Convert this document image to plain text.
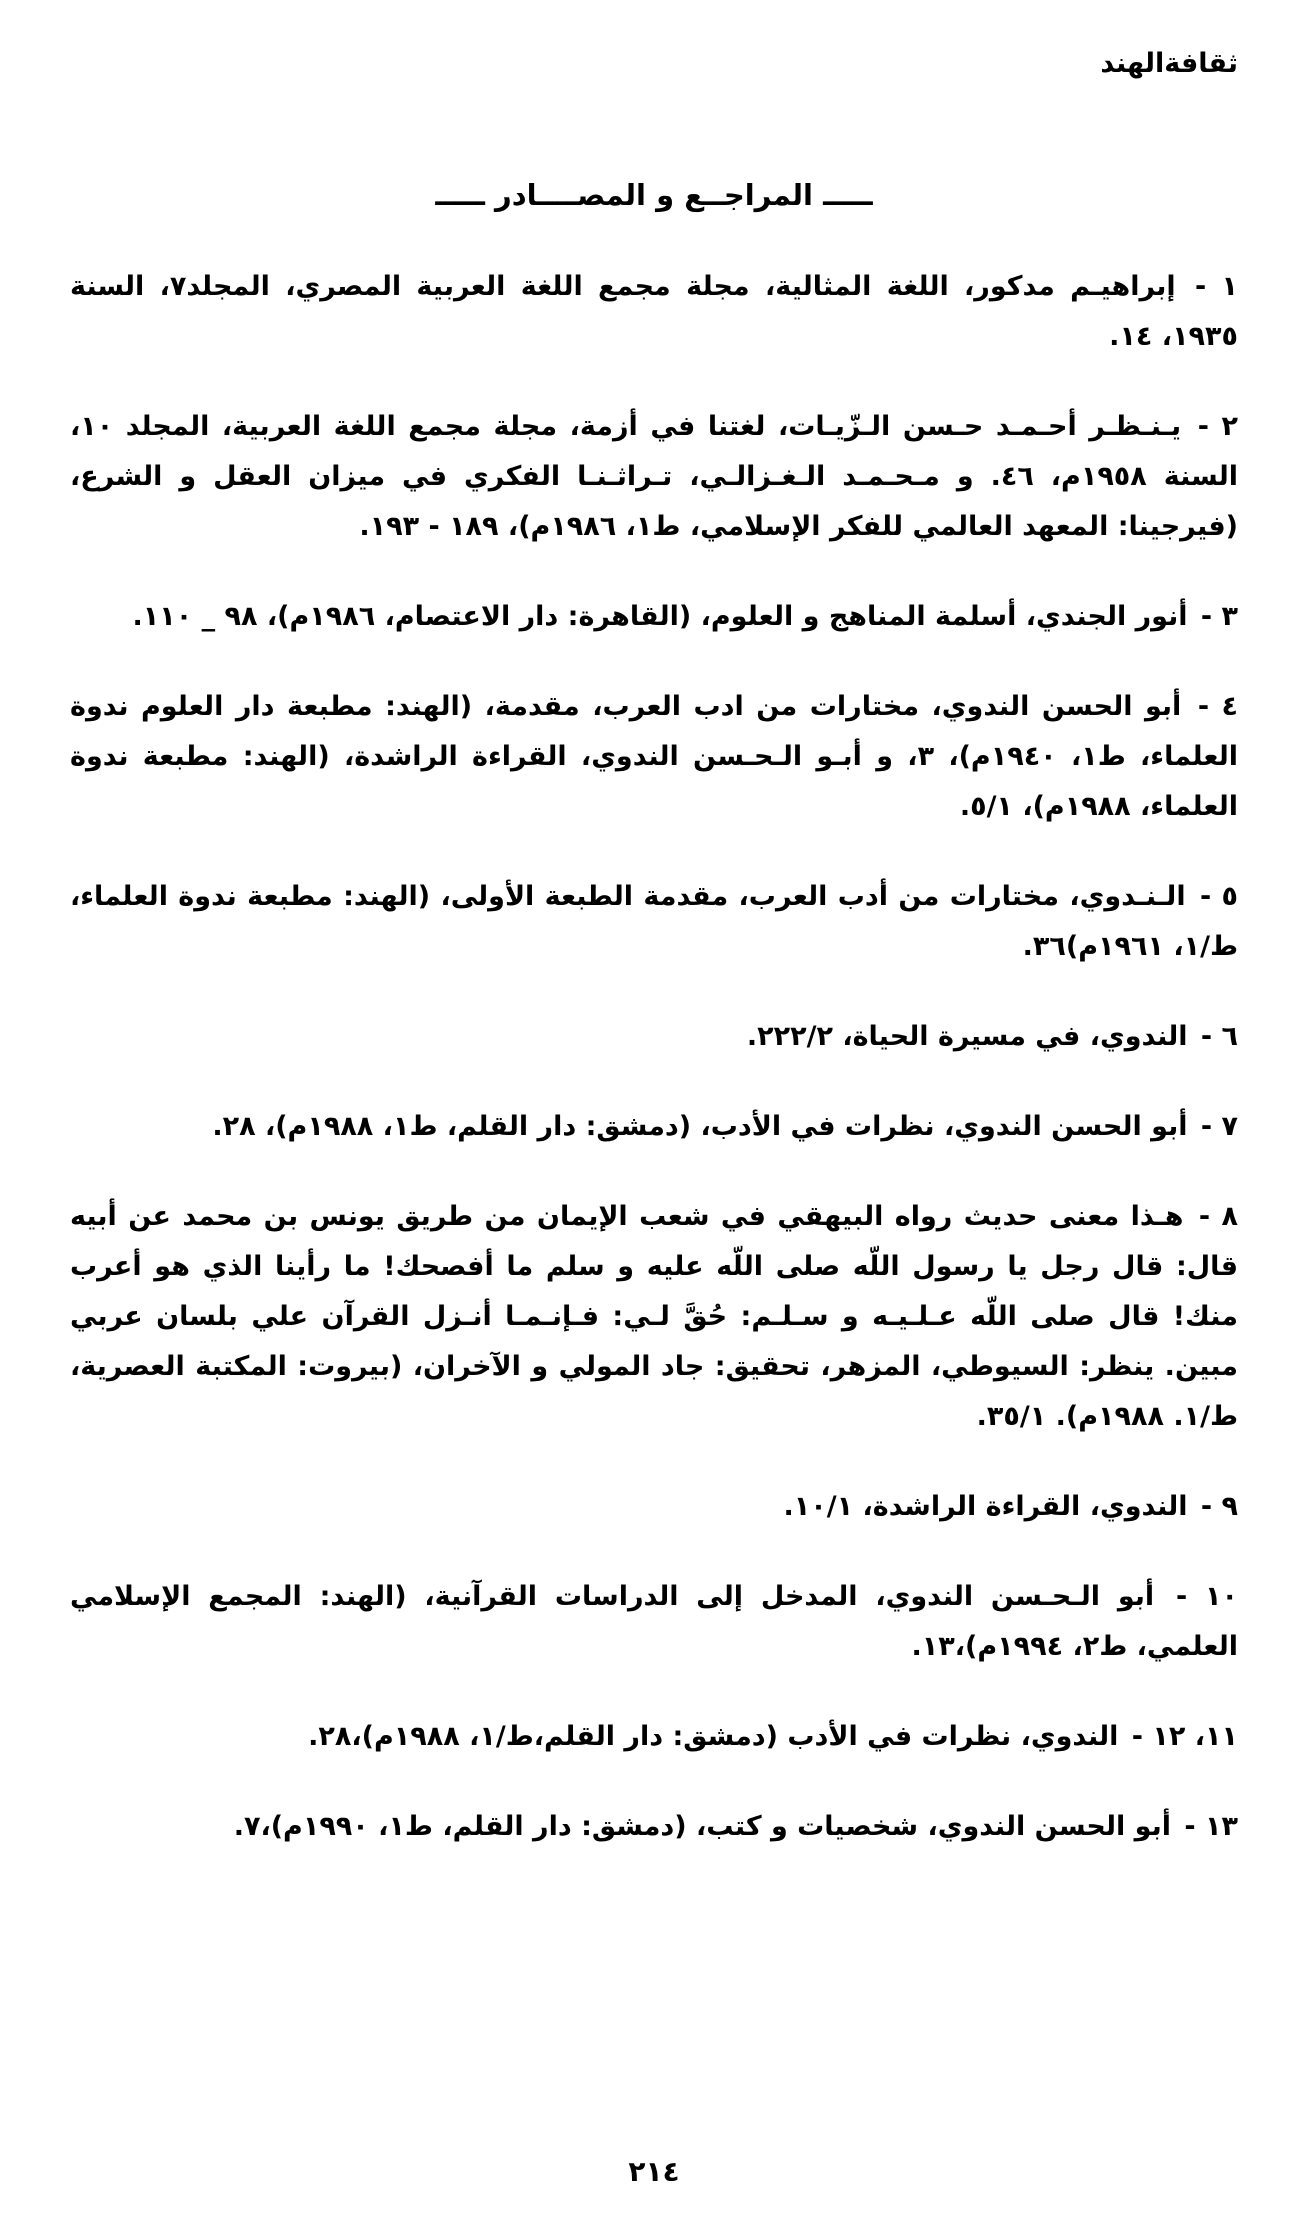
ثقافةالهند
ـــــ المراجــع و المصــــادر ـــــ
١ - إبراهيـم مدكور، اللغة المثالية، مجلة مجمع اللغة العربية المصري، المجلد٧، السنة ١٩٣٥، ١٤.
٢ - يـنـظـر أحـمـد حـسن الـزّيـات، لغتنا في أزمة، مجلة مجمع اللغة العربية، المجلد ١٠، السنة ١٩٥٨م، ٤٦. و مـحـمـد الـغـزالـي، تـراثـنـا الفكري في ميزان العقل و الشرع، (فيرجينا: المعهد العالمي للفكر الإسلامي، ط١، ١٩٨٦م)، ١٨٩ - ١٩٣.
٣ - أنور الجندي، أسلمة المناهج و العلوم، (القاهرة: دار الاعتصام، ١٩٨٦م)، ٩٨ _ ١١٠.
٤ - أبو الحسن الندوي، مختارات من ادب العرب، مقدمة، (الهند: مطبعة دار العلوم ندوة العلماء، ط١، ١٩٤٠م)، ٣، و أبـو الـحـسن الندوي، القراءة الراشدة، (الهند: مطبعة ندوة العلماء، ١٩٨٨م)، ٥/١.
٥ - الـنـدوي، مختارات من أدب العرب، مقدمة الطبعة الأولى، (الهند: مطبعة ندوة العلماء، ط/١، ١٩٦١م)٣٦.
٦ - الندوي، في مسيرة الحياة، ٢٢٢/٢.
٧ - أبو الحسن الندوي، نظرات في الأدب، (دمشق: دار القلم، ط١، ١٩٨٨م)، ٢٨.
٨ - هـذا معنى حديث رواه البيهقي في شعب الإيمان من طريق يونس بن محمد عن أبيه قال: قال رجل يا رسول اللّه صلى اللّه عليه و سلم ما أفصحك! ما رأينا الذي هو أعرب منك! قال صلى اللّه عـلـيـه و سـلـم: حُقَّ لـي: فـإنـمـا أنـزل القرآن علي بلسان عربي مبين. ينظر: السيوطي، المزهر، تحقيق: جاد المولي و الآخران، (بيروت: المكتبة العصرية، ط/١. ١٩٨٨م). ٣٥/١.
٩ - الندوي، القراءة الراشدة، ١٠/١.
١٠ - أبو الـحـسن الندوي، المدخل إلى الدراسات القرآنية، (الهند: المجمع الإسلامي العلمي، ط٢، ١٩٩٤م)،١٣.
١١، ١٢ - الندوي، نظرات في الأدب (دمشق: دار القلم،ط/١، ١٩٨٨م)،٢٨.
١٣ - أبو الحسن الندوي، شخصيات و كتب، (دمشق: دار القلم، ط١، ١٩٩٠م)،٧.
٢١٤
